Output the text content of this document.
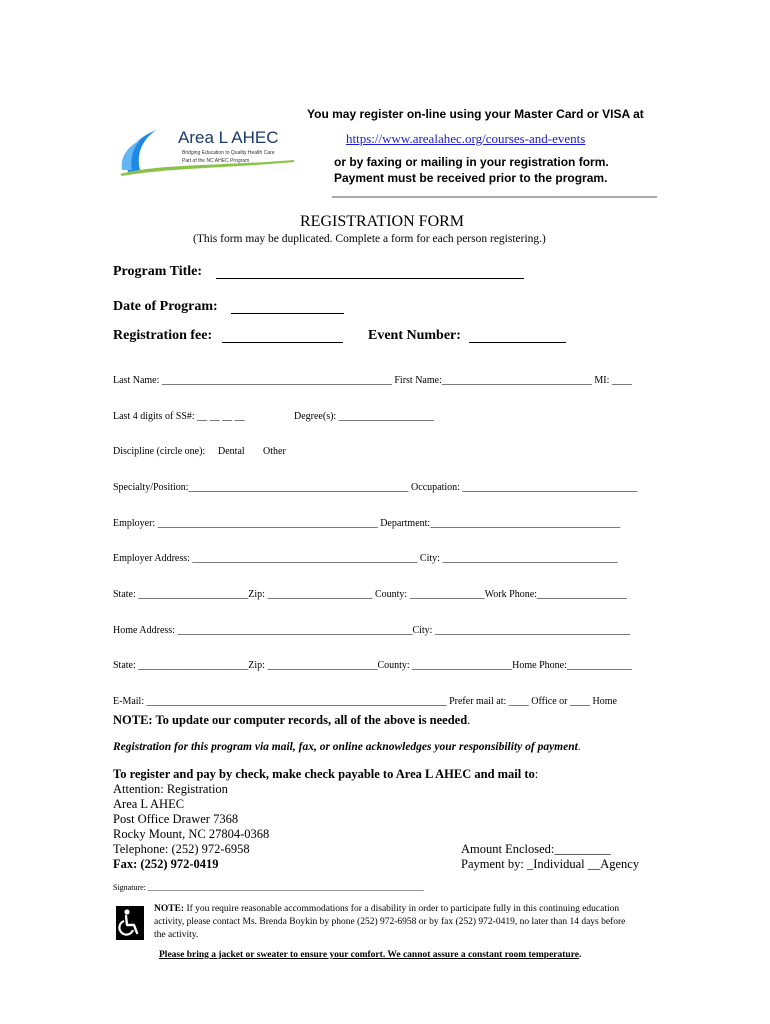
Area L AHEC
Bridging Education to Quality Health Care
Part of the NC AHEC Program
You may register on-line using your Master Card or VISA at
https://www.arealahec.org/courses-and-events
or by faxing or mailing in your registration form.
Payment must be received prior to the program.
REGISTRATION FORM
(This form may be duplicated. Complete a form for each person registering.)
Program Title:
Date of Program:
Registration fee:	Event Number:
Last Name: ______________________________________________ First Name:______________________________ MI: ____
Last 4 digits of SS#: __ __ __ __	Degree(s): ___________________
Discipline (circle one): Dental Other
Specialty/Position:____________________________________________ Occupation: ___________________________________
Employer: ____________________________________________ Department:______________________________________
Employer Address: _____________________________________________ City: ___________________________________
State: ______________________Zip: _____________________ County: _______________Work Phone:__________________
Home Address: _______________________________________________City: _______________________________________
State: ______________________Zip: ______________________County: ____________________Home Phone:_____________
E-Mail: ____________________________________________________________ Prefer mail at: ____ Office or ____ Home
NOTE: To update our computer records, all of the above is needed.
Registration for this program via mail, fax, or online acknowledges your responsibility of payment.
To register and pay by check, make check payable to Area L AHEC and mail to:
Attention: Registration
Area L AHEC
Post Office Drawer 7368
Rocky Mount, NC 27804-0368
Telephone: (252) 972-6958
Fax: (252) 972-0419
Amount Enclosed:_________
Payment by: _Individual __Agency
Signature: _____________________________________________________________________
NOTE: If you require reasonable accommodations for a disability in order to participate fully in this continuing education
activity, please contact Ms. Brenda Boykin by phone (252) 972-6958 or by fax (252) 972-0419, no later than 14 days before
the activity.
Please bring a jacket or sweater to ensure your comfort. We cannot assure a constant room temperature.
